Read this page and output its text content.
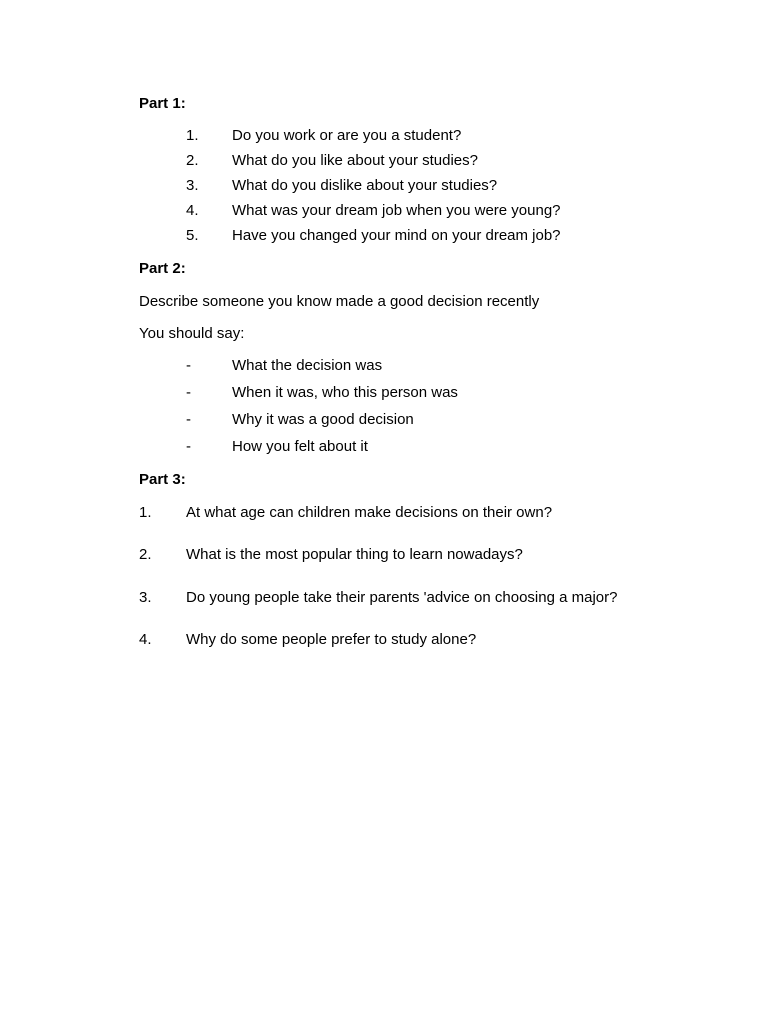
Part 1:
1. Do you work or are you a student?
2. What do you like about your studies?
3. What do you dislike about your studies?
4. What was your dream job when you were young?
5. Have you changed your mind on your dream job?
Part 2:
Describe someone you know made a good decision recently
You should say:
-	What the decision was
-	When it was, who this person was
-	Why it was a good decision
-	How you felt about it
Part 3:
1. At what age can children make decisions on their own?
2. What is the most popular thing to learn nowadays?
3. Do young people take their parents 'advice on choosing a major?
4. Why do some people prefer to study alone?
